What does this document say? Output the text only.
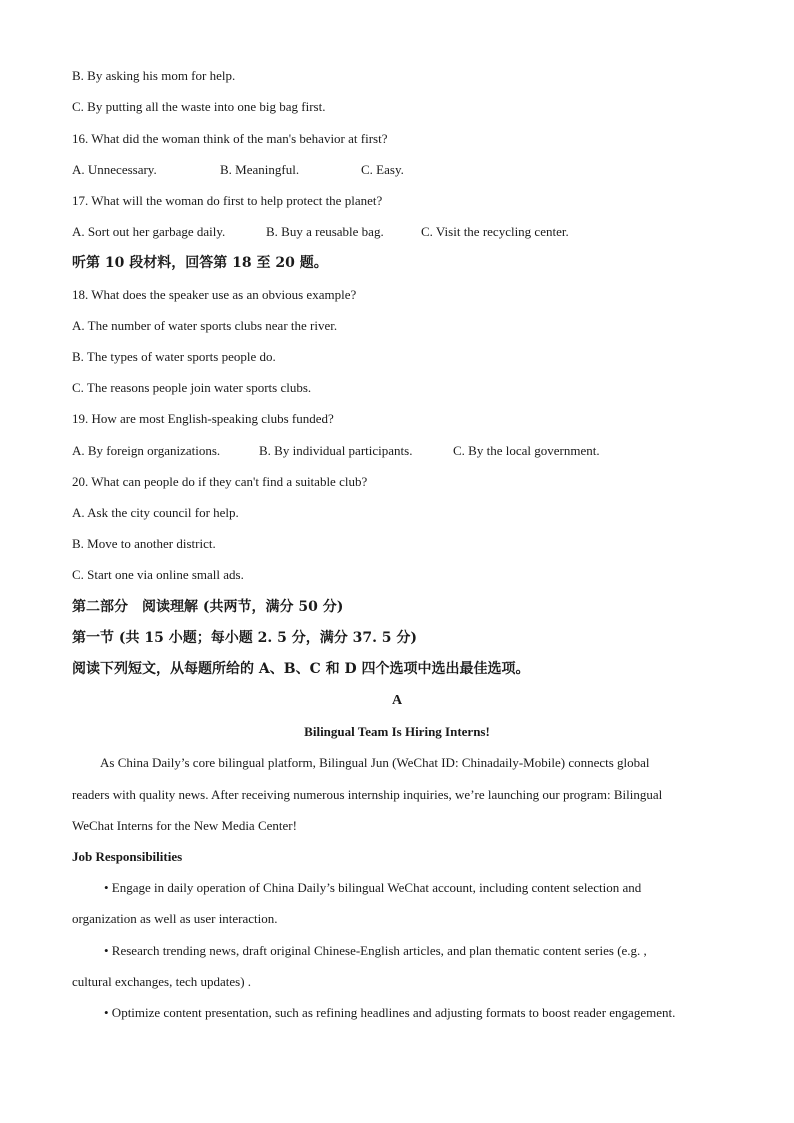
B. By asking his mom for help.
C. By putting all the waste into one big bag first.
16. What did the woman think of the man's behavior at first?
A. Unnecessary.	B. Meaningful.	C. Easy.
17. What will the woman do first to help protect the planet?
A. Sort out her garbage daily.	B. Buy a reusable bag.	C. Visit the recycling center.
听第 10 段材料，回答第 18 至 20 题。
18. What does the speaker use as an obvious example?
A. The number of water sports clubs near the river.
B. The types of water sports people do.
C. The reasons people join water sports clubs.
19. How are most English-speaking clubs funded?
A. By foreign organizations.	B. By individual participants.	C. By the local government.
20. What can people do if they can't find a suitable club?
A. Ask the city council for help.
B. Move to another district.
C. Start one via online small ads.
第二部分　阅读理解 (共两节，满分 50 分)
第一节 (共 15 小题；每小题 2. 5 分，满分 37. 5 分)
阅读下列短文，从每题所给的 A、B、C 和 D 四个选项中选出最佳选项。
A
Bilingual Team Is Hiring Interns!
As China Daily’s core bilingual platform, Bilingual Jun (WeChat ID: Chinadaily-Mobile) connects global
readers with quality news. After receiving numerous internship inquiries, we’re launching our program: Bilingual
WeChat Interns for the New Media Center!
Job Responsibilities
• Engage in daily operation of China Daily’s bilingual WeChat account, including content selection and
organization as well as user interaction.
• Research trending news, draft original Chinese-English articles, and plan thematic content series (e.g. ,
cultural exchanges, tech updates) .
• Optimize content presentation, such as refining headlines and adjusting formats to boost reader engagement.
